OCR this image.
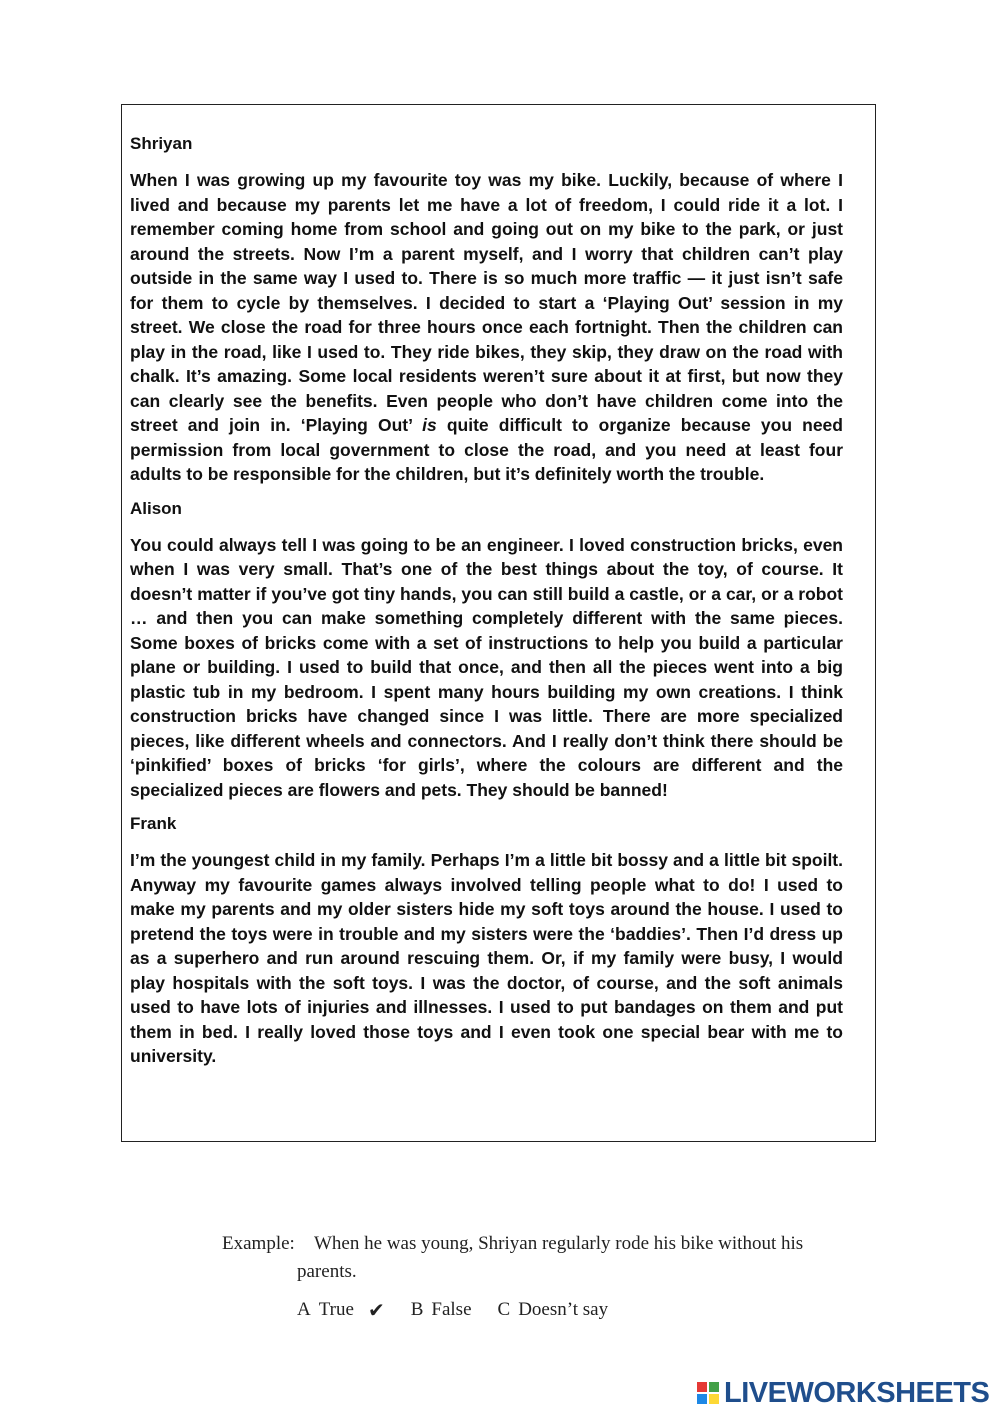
Shriyan

When I was growing up my favourite toy was my bike. Luckily, because of where I lived and because my parents let me have a lot of freedom, I could ride it a lot. I remember coming home from school and going out on my bike to the park, or just around the streets. Now I’m a parent myself, and I worry that children can’t play outside in the same way I used to. There is so much more traffic — it just isn’t safe for them to cycle by themselves. I decided to start a ‘Playing Out’ session in my street. We close the road for three hours once each fortnight. Then the children can play in the road, like I used to. They ride bikes, they skip, they draw on the road with chalk. It’s amazing. Some local residents weren’t sure about it at first, but now they can clearly see the benefits. Even people who don’t have children come into the street and join in. ‘Playing Out’ is quite difficult to organize because you need permission from local government to close the road, and you need at least four adults to be responsible for the children, but it’s definitely worth the trouble.

Alison

You could always tell I was going to be an engineer. I loved construction bricks, even when I was very small. That’s one of the best things about the toy, of course. It doesn’t matter if you’ve got tiny hands, you can still build a castle, or a car, or a robot … and then you can make something completely different with the same pieces. Some boxes of bricks come with a set of instructions to help you build a particular plane or building. I used to build that once, and then all the pieces went into a big plastic tub in my bedroom. I spent many hours building my own creations. I think construction bricks have changed since I was little. There are more specialized pieces, like different wheels and connectors. And I really don’t think there should be ‘pinkified’ boxes of bricks ‘for girls’, where the colours are different and the specialized pieces are flowers and pets. They should be banned!

Frank

I’m the youngest child in my family. Perhaps I’m a little bit bossy and a little bit spoilt. Anyway my favourite games always involved telling people what to do! I used to make my parents and my older sisters hide my soft toys around the house. I used to pretend the toys were in trouble and my sisters were the ‘baddies’. Then I’d dress up as a superhero and run around rescuing them. Or, if my family were busy, I would play hospitals with the soft toys. I was the doctor, of course, and the soft animals used to have lots of injuries and illnesses. I used to put bandages on them and put them in bed. I really loved those toys and I even took one special bear with me to university.

Example:	When he was young, Shriyan regularly rode his bike without his
parents.
A True ✔ B False C Doesn’t say
LIVEWORKSHEETS
